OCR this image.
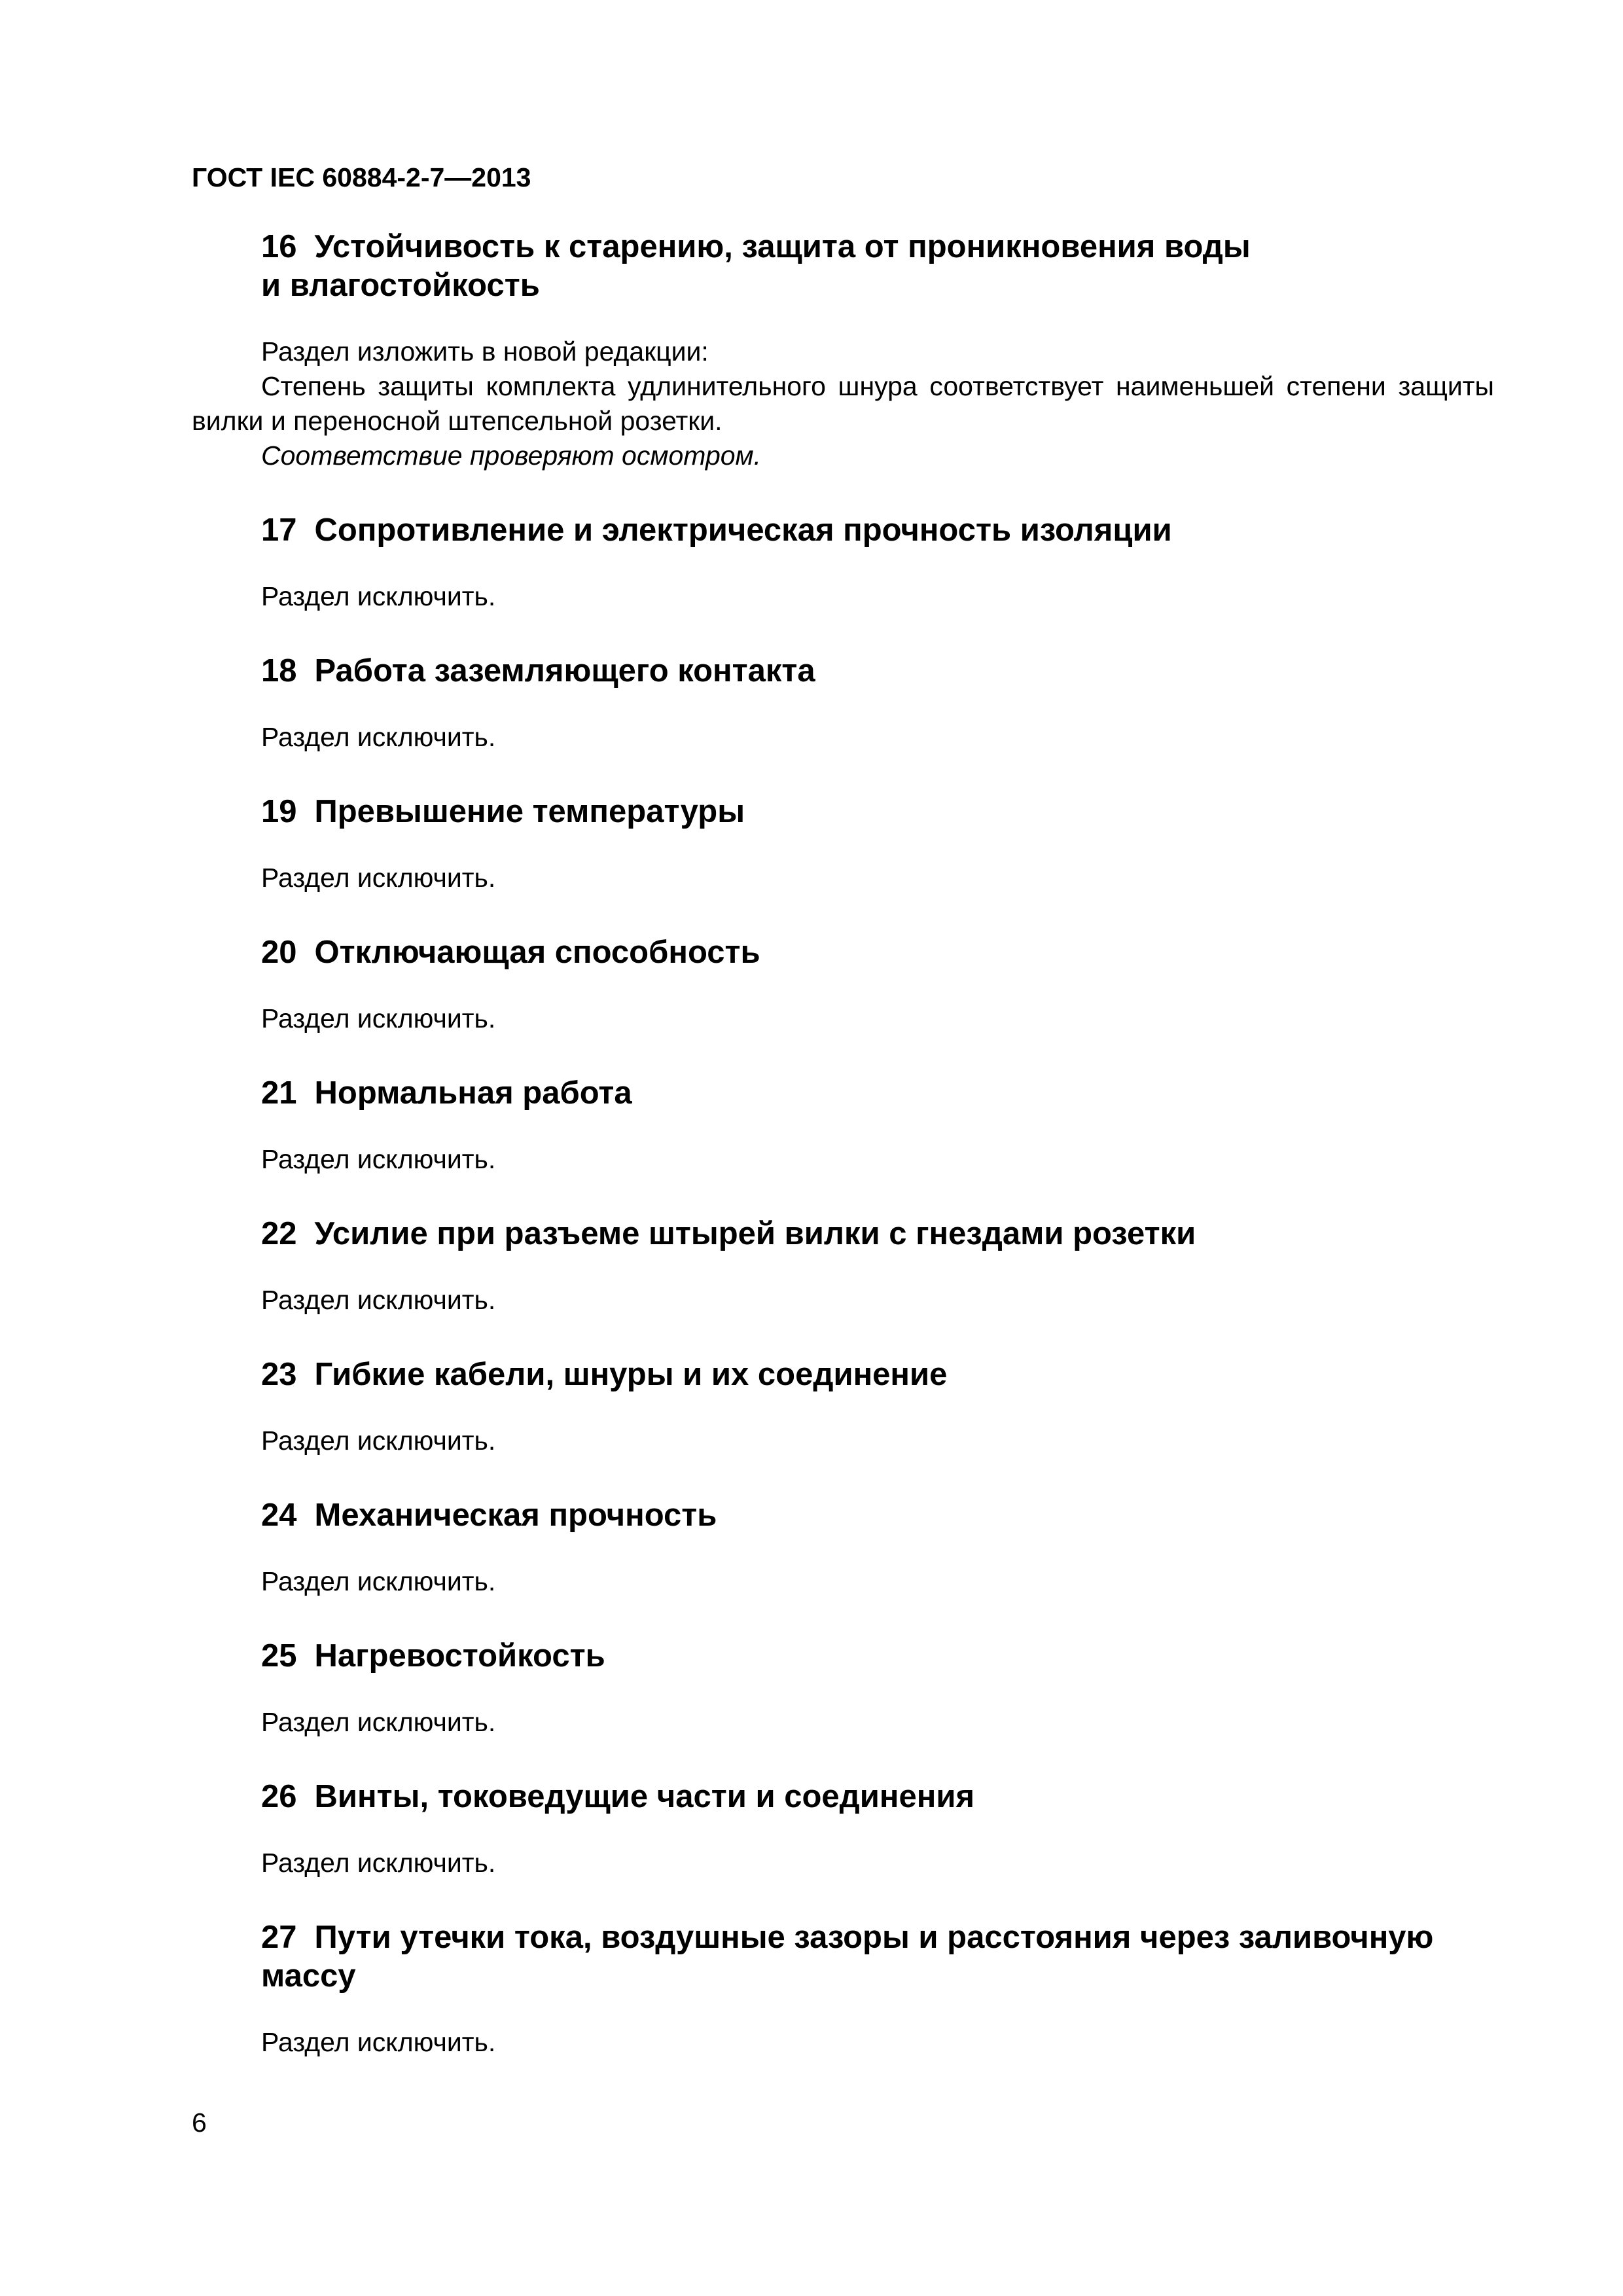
ГОСТ IEC 60884-2-7—2013
16 Устойчивость к старению, защита от проникновения воды
и влагостойкость

Раздел изложить в новой редакции:

Степень защиты комплекта удлинительного шнура соответствует наименьшей степени защиты вилки и переносной штепсельной розетки.

Соответствие проверяют осмотром.

17 Сопротивление и электрическая прочность изоляции

Раздел исключить.

18 Работа заземляющего контакта

Раздел исключить.

19 Превышение температуры

Раздел исключить.

20 Отключающая способность

Раздел исключить.

21 Нормальная работа

Раздел исключить.

22 Усилие при разъеме штырей вилки с гнездами розетки

Раздел исключить.

23 Гибкие кабели, шнуры и их соединение

Раздел исключить.

24 Механическая прочность

Раздел исключить.

25 Нагревостойкость

Раздел исключить.

26 Винты, токоведущие части и соединения

Раздел исключить.

27 Пути утечки тока, воздушные зазоры и расстояния через заливочную массу

Раздел исключить.

6
